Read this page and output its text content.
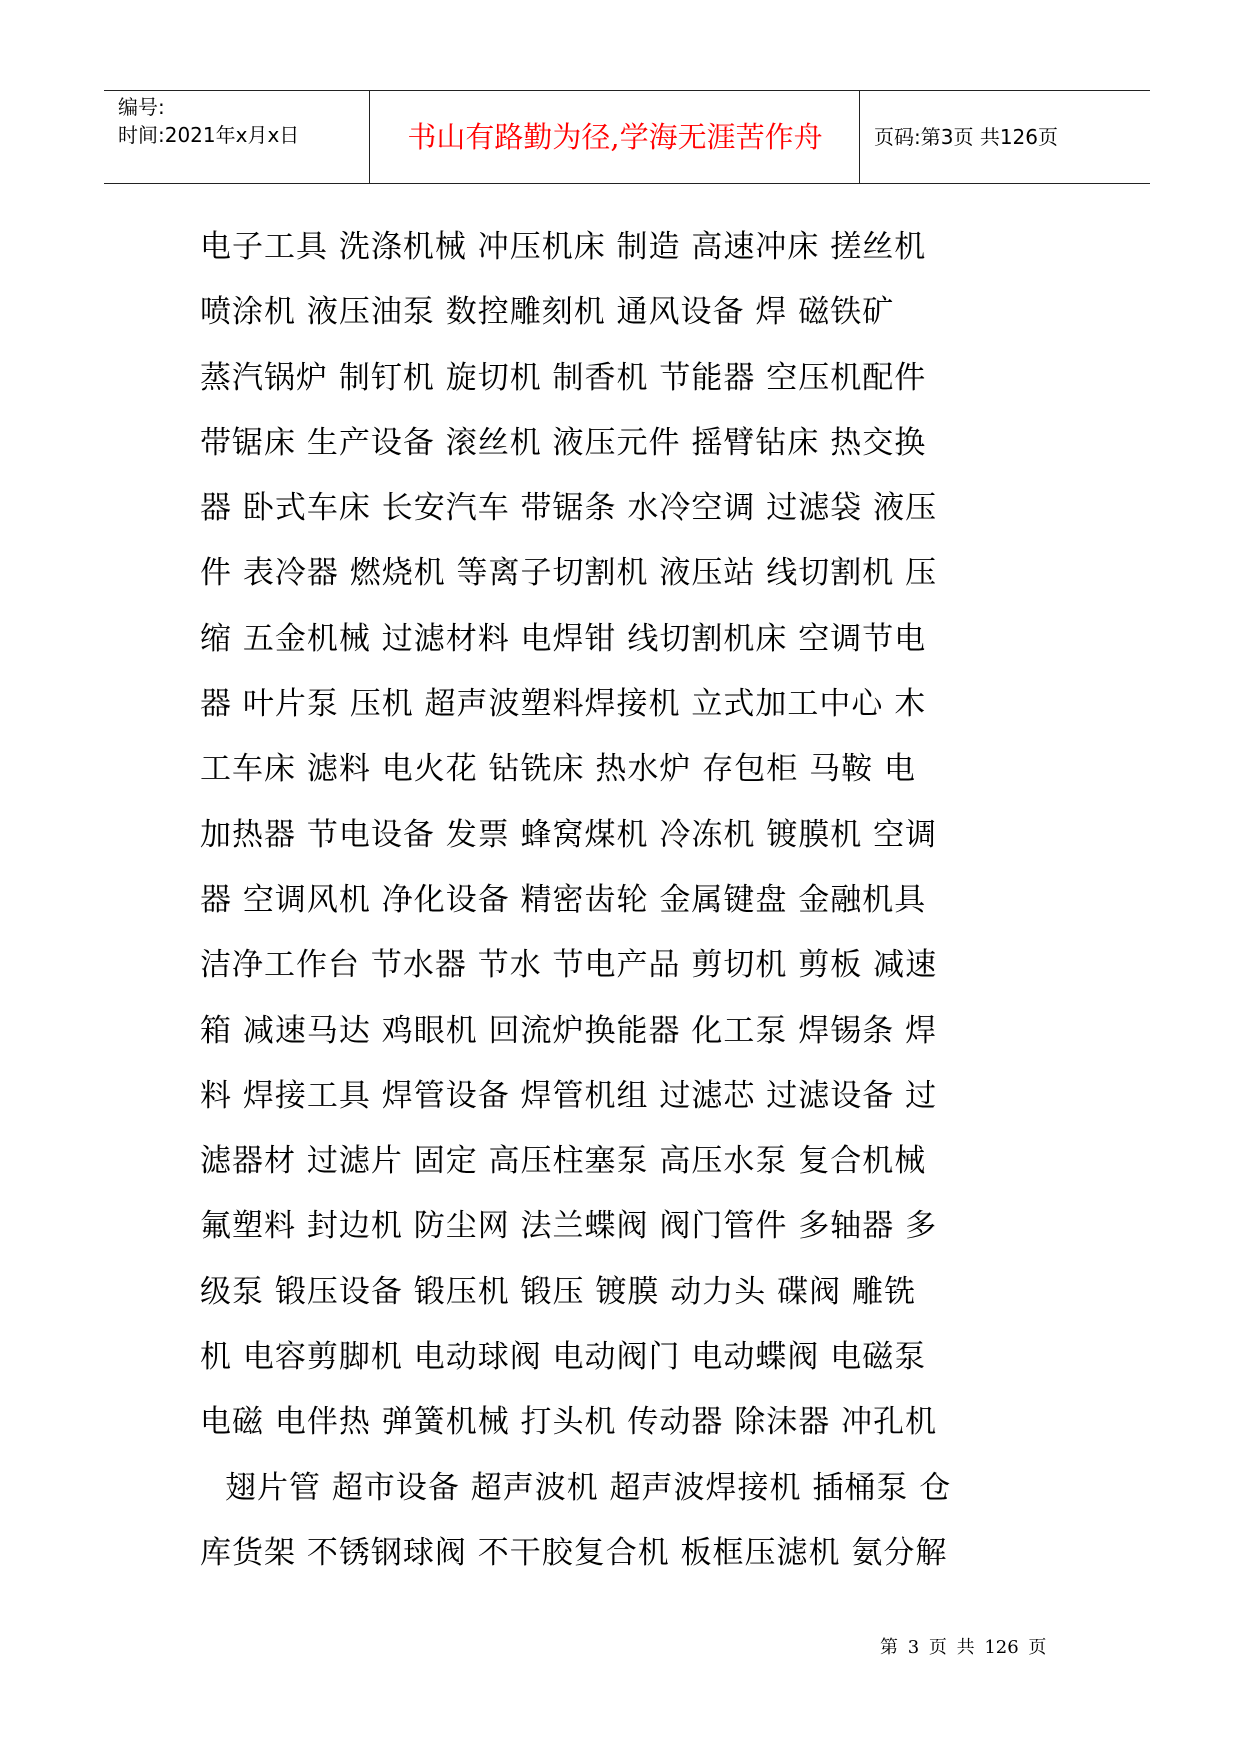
编号:
时间:2021年x月x日	书山有路勤为径,学海无涯苦作舟	页码:第3页 共126页
电子工具 洗涤机械 冲压机床 制造 高速冲床 搓丝机
喷涂机 液压油泵 数控雕刻机 通风设备 焊 磁铁矿
蒸汽锅炉 制钉机 旋切机 制香机 节能器 空压机配件
带锯床 生产设备 滚丝机 液压元件 摇臂钻床 热交换
器 卧式车床 长安汽车 带锯条 水冷空调 过滤袋 液压
件 表冷器 燃烧机 等离子切割机 液压站 线切割机 压
缩 五金机械 过滤材料 电焊钳 线切割机床 空调节电
器 叶片泵 压机 超声波塑料焊接机 立式加工中心 木
工车床 滤料 电火花 钻铣床 热水炉 存包柜 马鞍 电
加热器 节电设备 发票 蜂窝煤机 冷冻机 镀膜机 空调
器 空调风机 净化设备 精密齿轮 金属键盘 金融机具
洁净工作台 节水器 节水 节电产品 剪切机 剪板 减速
箱 减速马达 鸡眼机 回流炉换能器 化工泵 焊锡条 焊
料 焊接工具 焊管设备 焊管机组 过滤芯 过滤设备 过
滤器材 过滤片 固定 高压柱塞泵 高压水泵 复合机械
氟塑料 封边机 防尘网 法兰蝶阀 阀门管件 多轴器 多
级泵 锻压设备 锻压机 锻压 镀膜 动力头 碟阀 雕铣
机 电容剪脚机 电动球阀 电动阀门 电动蝶阀 电磁泵
电磁 电伴热 弹簧机械 打头机 传动器 除沫器 冲孔机
翅片管 超市设备 超声波机 超声波焊接机 插桶泵 仓
库货架 不锈钢球阀 不干胶复合机 板框压滤机 氨分解
第 3 页 共 126 页
